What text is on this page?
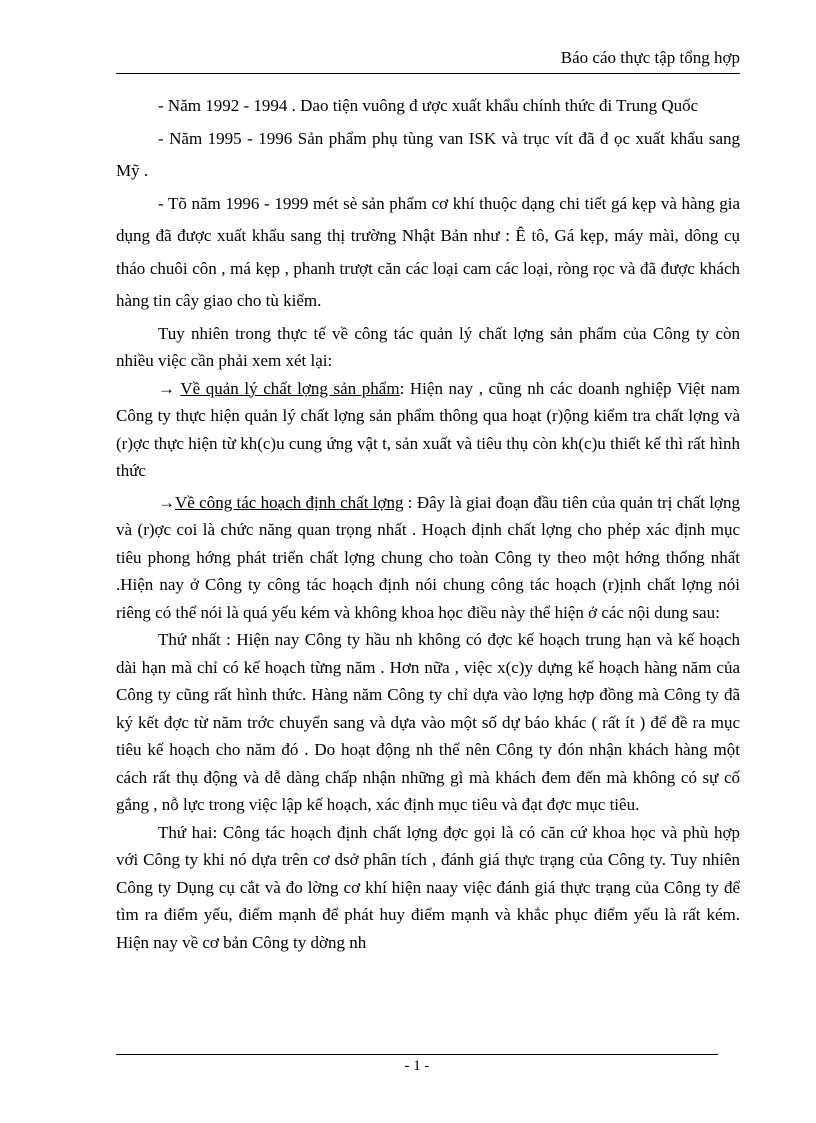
Báo cáo thực tập tổng hợp

- Năm 1992 - 1994 . Dao tiện vuông đ ược xuất khẩu chính thức đi Trung Quốc

- Năm 1995 - 1996 Sản phẩm phụ tùng van ISK và trục vít đã đ ọc xuất khẩu sang Mỹ .

- Tõ năm 1996 - 1999 mét sè sản phẩm cơ khí thuộc dạng chi tiết gá kẹp và hàng gia dụng đã được xuất khẩu sang thị trường Nhật Bản như : Ê tô, Gá kẹp, máy mài, dông cụ tháo chuôi côn , má kẹp , phanh trượt căn các loại cam các loại, ròng rọc và đã được khách hàng tin cây giao cho tù kiểm.

Tuy nhiên trong thực tế về công tác quản lý chất lợng sản phẩm của Công ty còn nhiều việc cần phải xem xét lại:

→ Về quản lý chất lợng sản phẩm: Hiện nay , cũng nh các doanh nghiệp Việt nam Công ty thực hiện quản lý chất lợng sản phẩm thông qua hoạt (r)ộng kiểm tra chất lợng và (r)ợc thực hiện từ kh(c)u cung ứng vật t, sản xuất và tiêu thụ còn kh(c)u thiết kế thì rất hình thức

→Về công tác hoạch định chất lợng : Đây là giai đoạn đầu tiên của quản trị chất lợng và (r)ợc coi là chức năng quan trọng nhất . Hoạch định chất lợng cho phép xác định mục tiêu phong hớng phát triển chất lợng chung cho toàn Công ty theo một hớng thống nhất .Hiện nay ở Công ty công tác hoạch định nói chung công tác hoạch (r)ịnh chất lợng nói riêng có thể nói là quá yếu kém và không khoa học điều này thể hiện ở các nội dung sau:

Thứ nhất : Hiện nay Công ty hầu nh không có đợc kế hoạch trung hạn và kế hoạch dài hạn mà chỉ có kế hoạch từng năm . Hơn nữa , việc x(c)y dựng kế hoạch hàng năm của Công ty cũng rất hình thức. Hàng năm Công ty chỉ dựa vào lợng hợp đồng mà Công ty đã ký kết đợc từ năm trớc chuyển sang và dựa vào một số dự báo khác ( rất ít ) để đề ra mục tiêu kế hoạch cho năm đó . Do hoạt động nh thế nên Công ty đón nhận khách hàng một cách rất thụ động và dễ dàng chấp nhận những gì mà khách đem đến mà không có sự cố gắng , nỗ lực trong việc lập kế hoạch, xác định mục tiêu và đạt đợc mục tiêu.

Thứ hai: Công tác hoạch định chất lợng đợc gọi là có căn cứ khoa học và phù hợp với Công ty khi nó dựa trên cơ dsở phân tích , đánh giá thực trạng của Công ty. Tuy nhiên Công ty Dụng cụ cắt và đo lờng cơ khí hiện naay việc đánh giá thực trạng của Công ty để tìm ra điểm yếu, điểm mạnh để phát huy điểm mạnh và khắc phục điểm yếu là rất kém. Hiện nay về cơ bản Công ty dờng nh

- 1 -
